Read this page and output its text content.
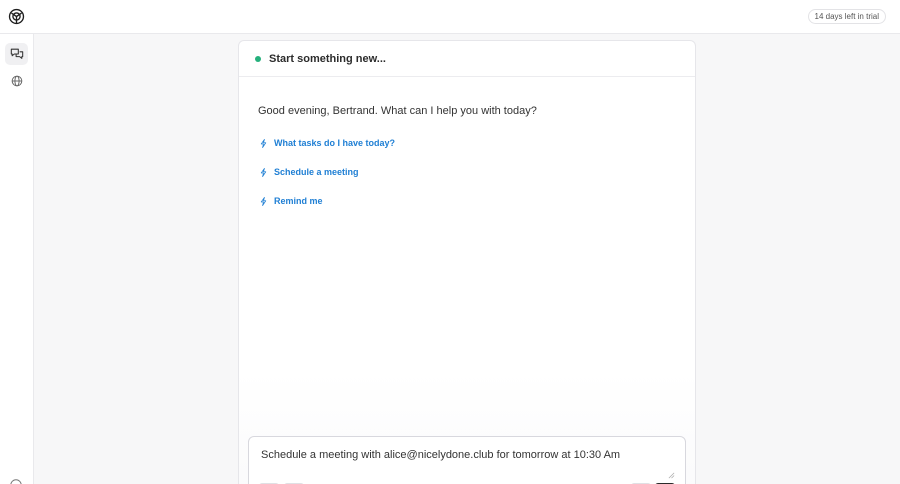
14 days left in trial
Start something new...
Good evening, Bertrand. What can I help you with today?
What tasks do I have today?
Schedule a meeting
Remind me
Schedule a meeting with alice@nicelydone.club for tomorrow at 10:30 Am
